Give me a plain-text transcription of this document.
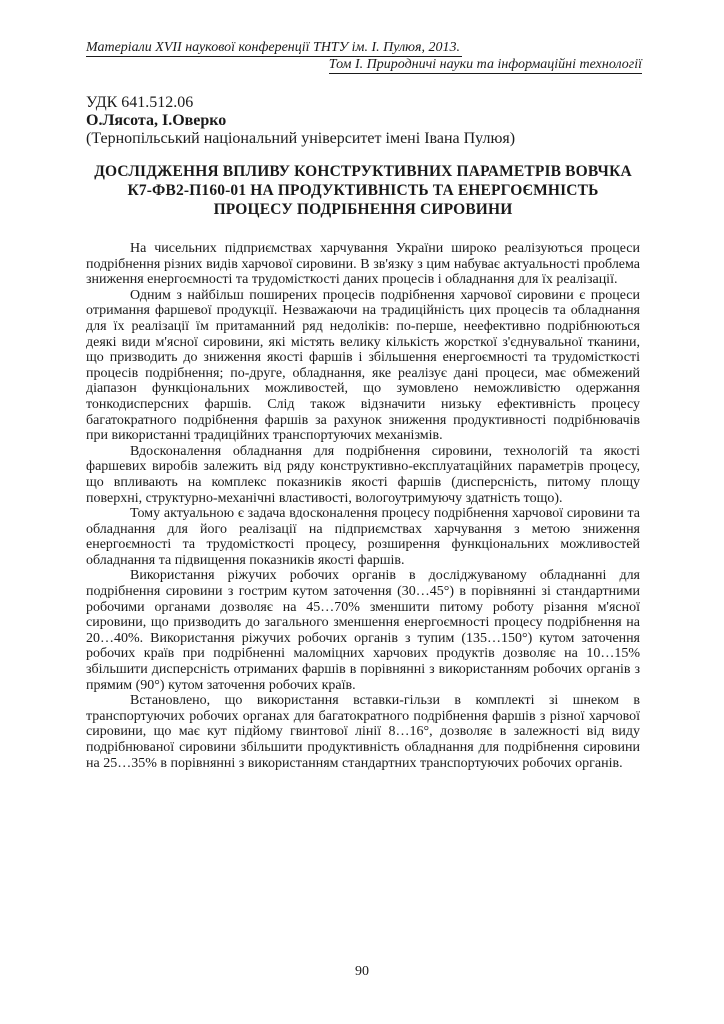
Матеріали XVІІ наукової конференції ТНТУ ім. І. Пулюя, 2013.
Том І. Природничі науки та інформаційні технології
УДК 641.512.06
О.Лясота, І.Оверко
(Тернопільський національний університет імені Івана Пулюя)
ДОСЛІДЖЕННЯ ВПЛИВУ КОНСТРУКТИВНИХ ПАРАМЕТРІВ ВОВЧКА К7-ФВ2-П160-01 НА ПРОДУКТИВНІСТЬ ТА ЕНЕРГОЄМНІСТЬ ПРОЦЕСУ ПОДРІБНЕННЯ СИРОВИНИ

На чисельних підприємствах харчування України широко реалізуються процеси подрібнення різних видів харчової сировини. В зв'язку з цим набуває актуальності проблема зниження енергоємності та трудомісткості даних процесів і обладнання для їх реалізації.

Одним з найбільш поширених процесів подрібнення харчової сировини є процеси отримання фаршевої продукції. Незважаючи на традиційність цих процесів та обладнання для їх реалізації їм притаманний ряд недоліків: по-перше, неефективно подрібнюються деякі види м'ясної сировини, які містять велику кількість жорсткої з'єднувальної тканини, що призводить до зниження якості фаршів і збільшення енергоємності та трудомісткості процесів подрібнення; по-друге, обладнання, яке реалізує дані процеси, має обмежений діапазон функціональних можливостей, що зумовлено неможливістю одержання тонкодисперсних фаршів. Слід також відзначити низьку ефективність процесу багатократного подрібнення фаршів за рахунок зниження продуктивності подрібнювачів при використанні традиційних транспортуючих механізмів.

Вдосконалення обладнання для подрібнення сировини, технологій та якості фаршевих виробів залежить від ряду конструктивно-експлуатаційних параметрів процесу, що впливають на комплекс показників якості фаршів (дисперсність, питому площу поверхні, структурно-механічні властивості, вологоутримуючу здатність тощо).

Тому актуальною є задача вдосконалення процесу подрібнення харчової сировини та обладнання для його реалізації на підприємствах харчування з метою зниження енергоємності та трудомісткості процесу, розширення функціональних можливостей обладнання та підвищення показників якості фаршів.

Використання ріжучих робочих органів в досліджуваному обладнанні для подрібнення сировини з гострим кутом заточення (30…45°) в порівнянні зі стандартними робочими органами дозволяє на 45…70% зменшити питому роботу різання м'ясної сировини, що призводить до загального зменшення енергоємності процесу подрібнення на 20…40%. Використання ріжучих робочих органів з тупим (135…150°) кутом заточення робочих країв при подрібненні маломіцних харчових продуктів дозволяє на 10…15% збільшити дисперсність отриманих фаршів в порівнянні з використанням робочих органів з прямим (90°) кутом заточення робочих країв.

Встановлено, що використання вставки-гільзи в комплекті зі шнеком в транспортуючих робочих органах для багатократного подрібнення фаршів з різної харчової сировини, що має кут підйому гвинтової лінії 8…16°, дозволяє в залежності від виду подрібнюваної сировини збільшити продуктивність обладнання для подрібнення сировини на 25…35% в порівнянні з використанням стандартних транспортуючих робочих органів.

90
